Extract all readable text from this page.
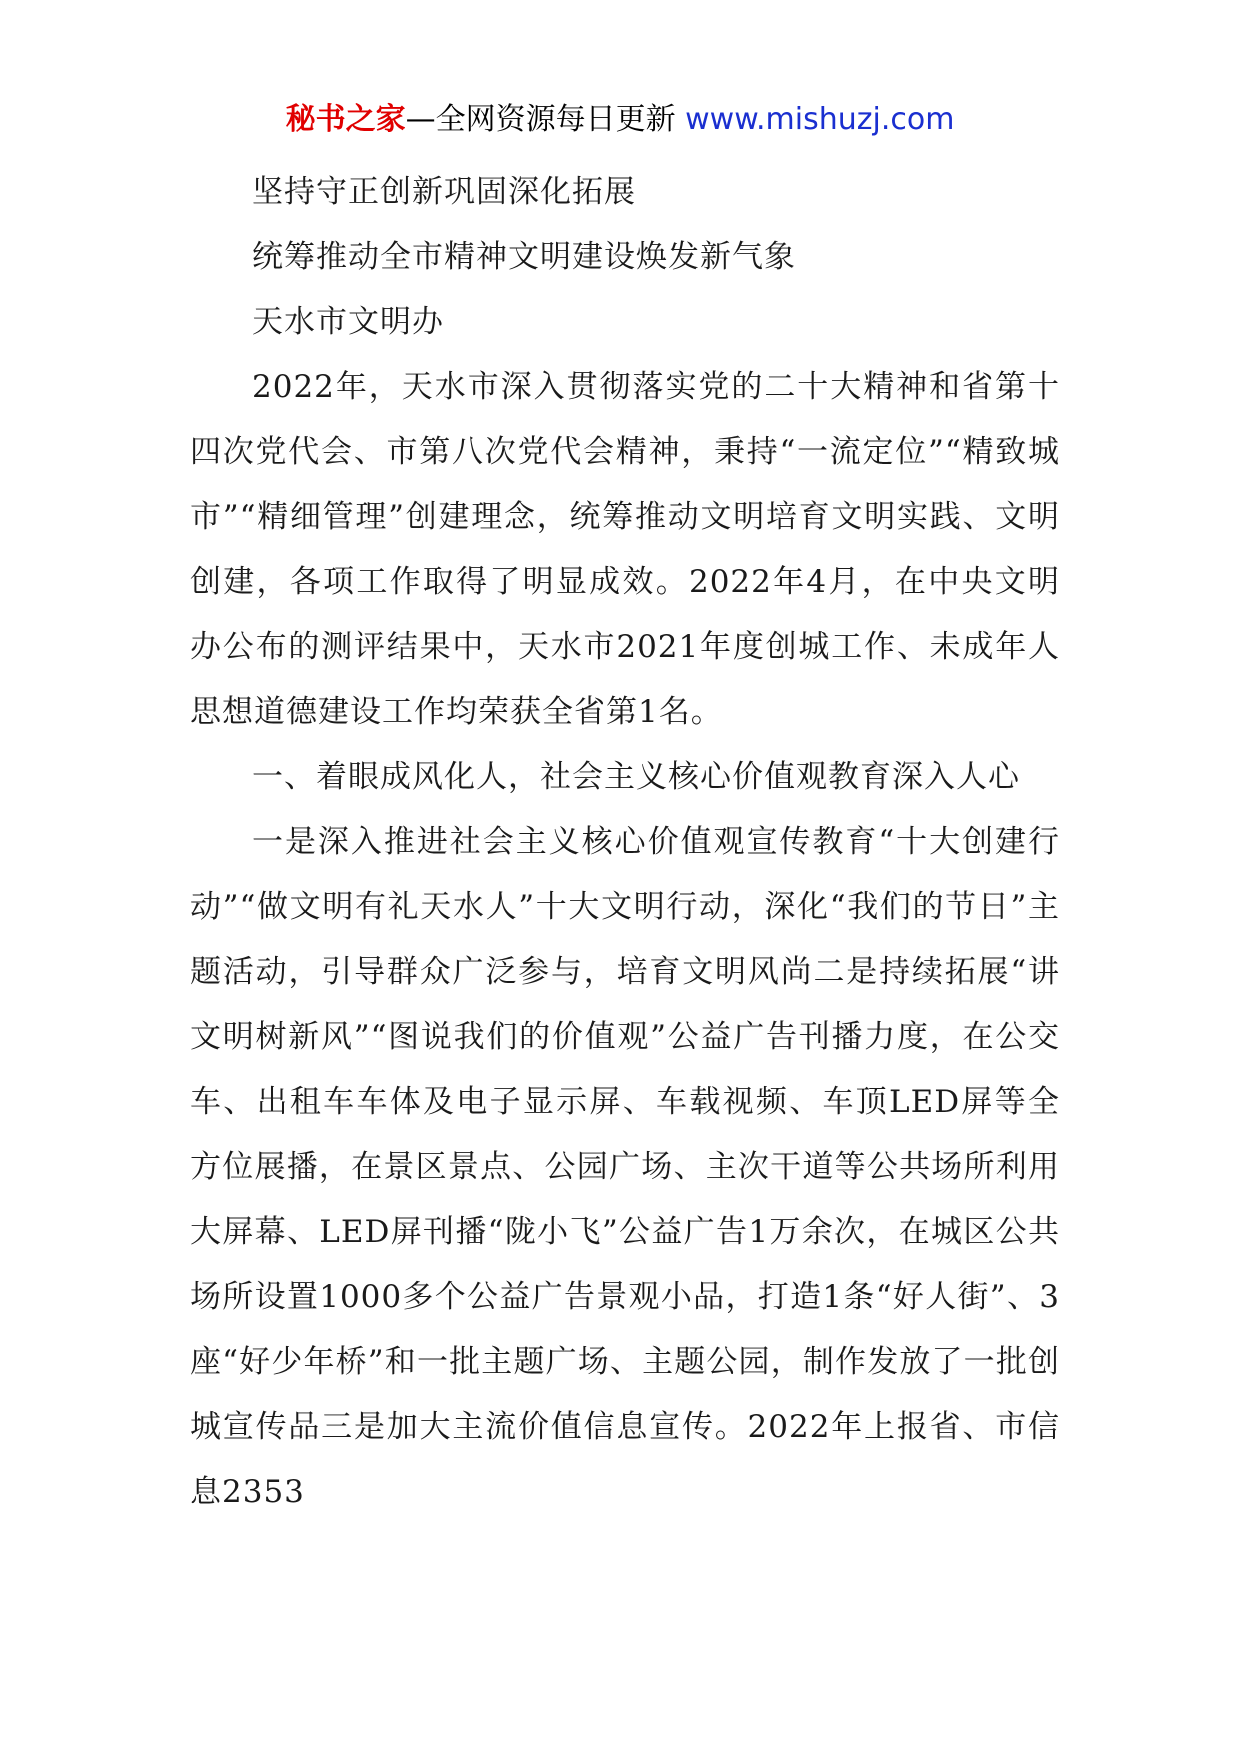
秘书之家—全网资源每日更新 www.mishuzj.com

坚持守正创新巩固深化拓展

统筹推动全市精神文明建设焕发新气象

天水市文明办

2022年，天水市深入贯彻落实党的二十大精神和省第十四次党代会、市第八次党代会精神，秉持“一流定位”“精致城市”“精细管理”创建理念，统筹推动文明培育文明实践、文明创建，各项工作取得了明显成效。2022年4月，在中央文明办公布的测评结果中，天水市2021年度创城工作、未成年人思想道德建设工作均荣获全省第1名。

一、着眼成风化人，社会主义核心价值观教育深入人心

一是深入推进社会主义核心价值观宣传教育“十大创建行动”“做文明有礼天水人”十大文明行动，深化“我们的节日”主题活动，引导群众广泛参与，培育文明风尚二是持续拓展“讲文明树新风”“图说我们的价值观”公益广告刊播力度，在公交车、出租车车体及电子显示屏、车载视频、车顶LED屏等全方位展播，在景区景点、公园广场、主次干道等公共场所利用大屏幕、LED屏刊播“陇小飞”公益广告1万余次，在城区公共场所设置1000多个公益广告景观小品，打造1条“好人街”、3座“好少年桥”和一批主题广场、主题公园，制作发放了一批创城宣传品三是加大主流价值信息宣传。2022年上报省、市信息2353
